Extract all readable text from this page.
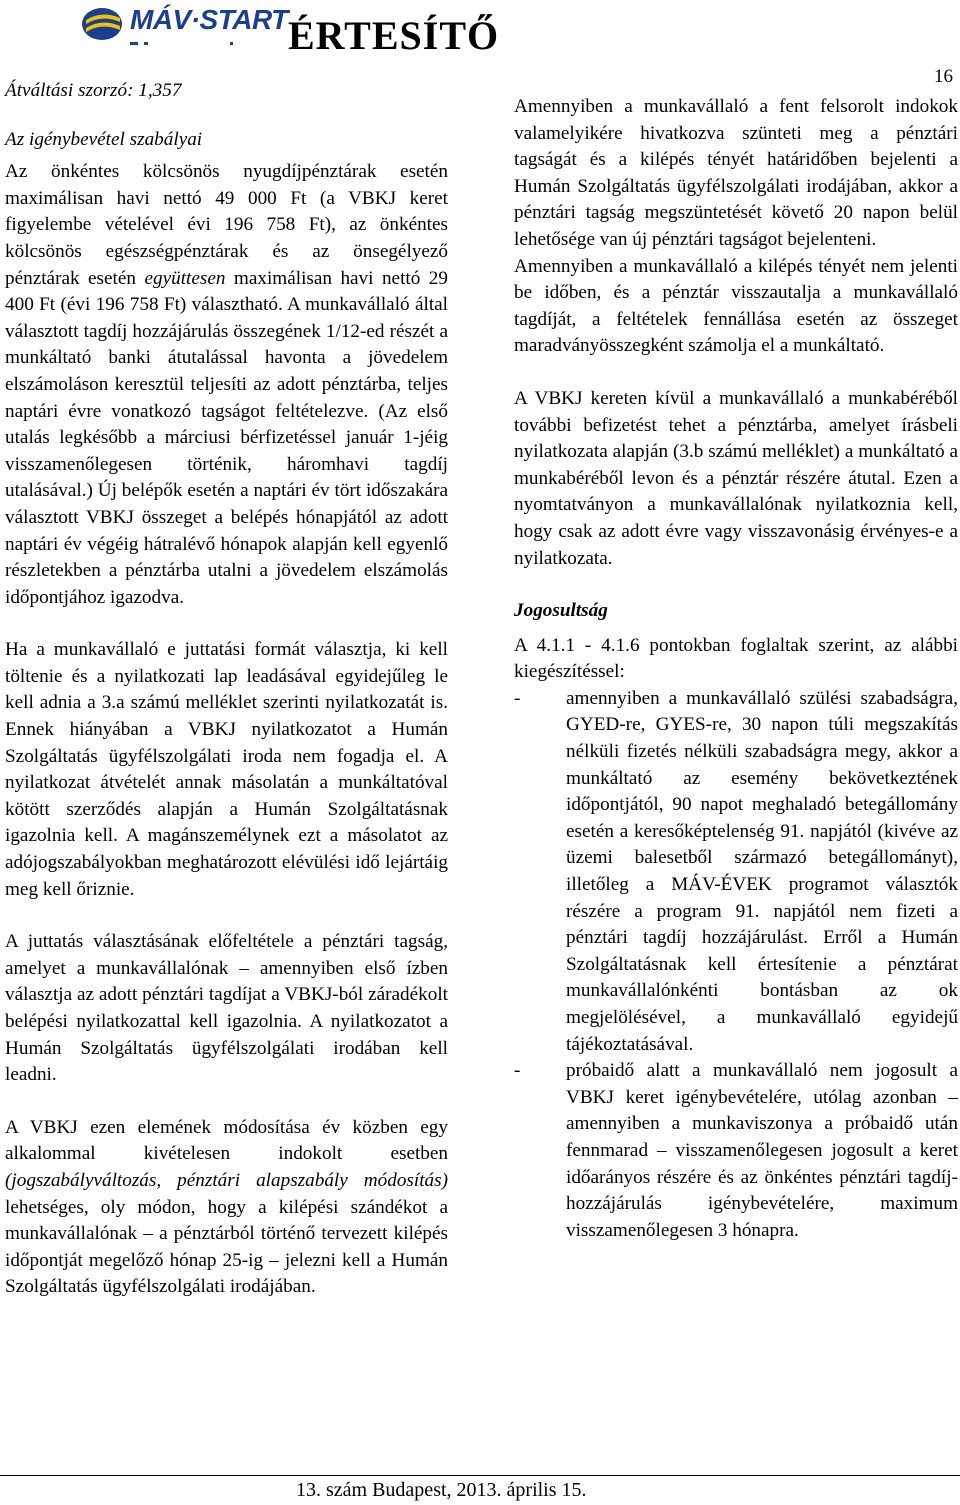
MÁV·START ÉRTESÍTŐ
16

Átváltási szorzó: 1,357

Az igénybevétel szabályai

Az önkéntes kölcsönös nyugdíjpénztárak esetén maximálisan havi nettó 49 000 Ft (a VBKJ keret figyelembe vételével évi 196 758 Ft), az önkéntes kölcsönös egészségpénztárak és az önsegélyező pénztárak esetén együttesen maximálisan havi nettó 29 400 Ft (évi 196 758 Ft) választható. A munkavállaló által választott tagdíj hozzájárulás összegének 1/12-ed részét a munkáltató banki átutalással havonta a jövedelem elszámoláson keresztül teljesíti az adott pénztárba, teljes naptári évre vonatkozó tagságot feltételezve. (Az első utalás legkésőbb a márciusi bérfizetéssel január 1-jéig visszamenőlegesen történik, háromhavi tagdíj utalásával.) Új belépők esetén a naptári év tört időszakára választott VBKJ összeget a belépés hónapjától az adott naptári év végéig hátralévő hónapok alapján kell egyenlő részletekben a pénztárba utalni a jövedelem elszámolás időpontjához igazodva.

Ha a munkavállaló e juttatási formát választja, ki kell töltenie és a nyilatkozati lap leadásával egyidejűleg le kell adnia a 3.a számú melléklet szerinti nyilatkozatát is. Ennek hiányában a VBKJ nyilatkozatot a Humán Szolgáltatás ügyfélszolgálati iroda nem fogadja el. A nyilatkozat átvételét annak másolatán a munkáltatóval kötött szerződés alapján a Humán Szolgáltatásnak igazolnia kell. A magánszemélynek ezt a másolatot az adójogszabályokban meghatározott elévülési idő lejártáig meg kell őriznie.

A juttatás választásának előfeltétele a pénztári tagság, amelyet a munkavállalónak – amennyiben első ízben választja az adott pénztári tagdíjat a VBKJ-ból záradékolt belépési nyilatkozattal kell igazolnia. A nyilatkozatot a Humán Szolgáltatás ügyfélszolgálati irodában kell leadni.

A VBKJ ezen elemének módosítása év közben egy alkalommal kivételesen indokolt esetben (jogszabályváltozás, pénztári alapszabály módosítás) lehetséges, oly módon, hogy a kilépési szándékot a munkavállalónak – a pénztárból történő tervezett kilépés időpontját megelőző hónap 25-ig – jelezni kell a Humán Szolgáltatás ügyfélszolgálati irodájában.

Amennyiben a munkavállaló a fent felsorolt indokok valamelyikére hivatkozva szünteti meg a pénztári tagságát és a kilépés tényét határidőben bejelenti a Humán Szolgáltatás ügyfélszolgálati irodájában, akkor a pénztári tagság megszüntetését követő 20 napon belül lehetősége van új pénztári tagságot bejelenteni.

Amennyiben a munkavállaló a kilépés tényét nem jelenti be időben, és a pénztár visszautalja a munkavállaló tagdíját, a feltételek fennállása esetén az összeget maradványösszegként számolja el a munkáltató.

A VBKJ kereten kívül a munkavállaló a munkabéréből további befizetést tehet a pénztárba, amelyet írásbeli nyilatkozata alapján (3.b számú melléklet) a munkáltató a munkabéréből levon és a pénztár részére átutal. Ezen a nyomtatványon a munkavállalónak nyilatkoznia kell, hogy csak az adott évre vagy visszavonásig érvényes-e a nyilatkozata.

Jogosultság

A 4.1.1 - 4.1.6 pontokban foglaltak szerint, az alábbi kiegészítéssel:

- amennyiben a munkavállaló szülési szabadságra, GYED-re, GYES-re, 30 napon túli megszakítás nélküli fizetés nélküli szabadságra megy, akkor a munkáltató az esemény bekövetkeztének időpontjától, 90 napot meghaladó betegállomány esetén a keresőképtelenség 91. napjától (kivéve az üzemi balesetből származó betegállományt), illetőleg a MÁV-ÉVEK programot választók részére a program 91. napjától nem fizeti a pénztári tagdíj hozzájárulást. Erről a Humán Szolgáltatásnak kell értesítenie a pénztárat munkavállalónkénti bontásban az ok megjelölésével, a munkavállaló egyidejű tájékoztatásával.
- próbaidő alatt a munkavállaló nem jogosult a VBKJ keret igénybevételére, utólag azonban – amennyiben a munkaviszonya a próbaidő után fennmarad – visszamenőlegesen jogosult a keret időarányos részére és az önkéntes pénztári tagdíj-hozzájárulás igénybevételére, maximum visszamenőlegesen 3 hónapra.
13. szám Budapest, 2013. április 15.
